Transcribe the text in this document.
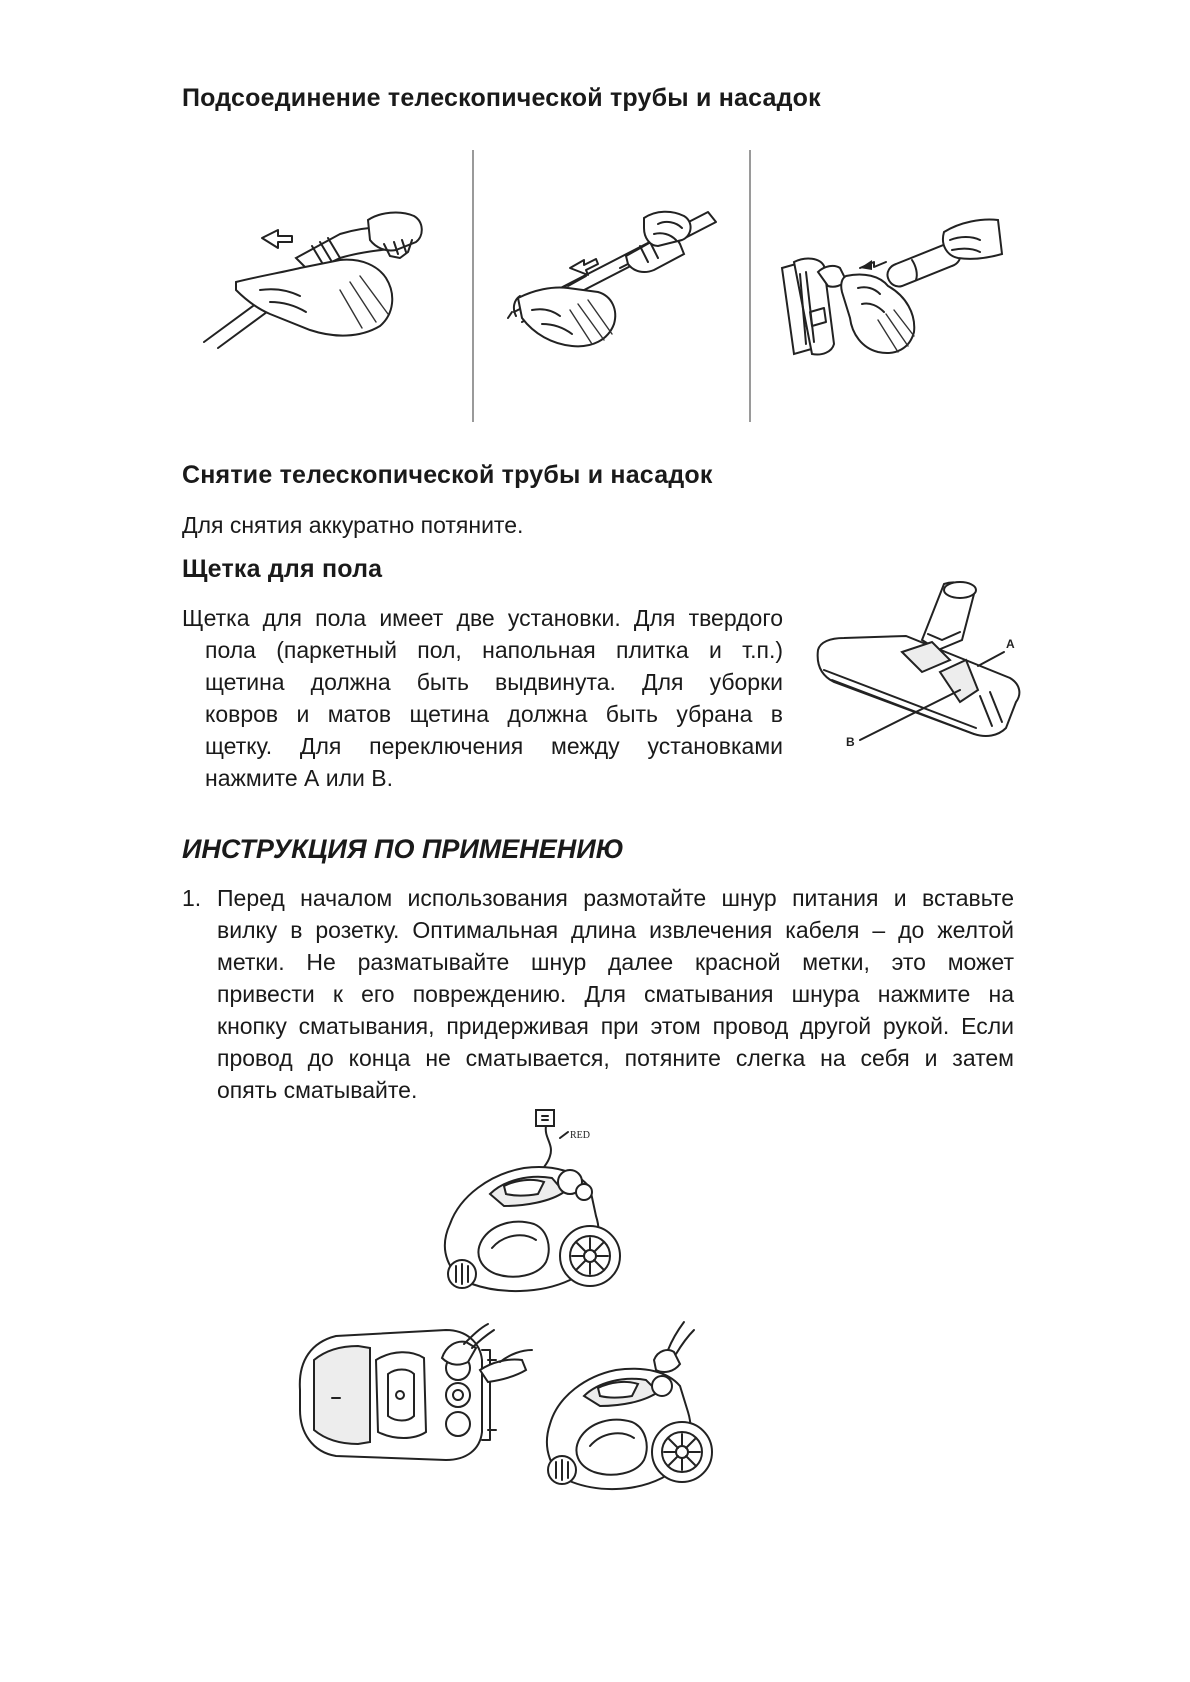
Подсоединение телескопической трубы и насадок
Снятие телескопической трубы и насадок
Для снятия аккуратно потяните.
Щетка для пола
Щетка для пола имеет две установки. Для твердого
пола (паркетный пол, напольная плитка и т.п.)
щетина должна быть выдвинута. Для уборки
ковров и матов щетина должна быть убрана в
щетку. Для переключения между установками
нажмите А или В.
A
B
ИНСТРУКЦИЯ ПО ПРИМЕНЕНИЮ
1. Перед началом использования размотайте шнур питания и вставьте
вилку в розетку. Оптимальная длина извлечения кабеля – до желтой
метки. Не разматывайте шнур далее красной метки, это может
привести к его повреждению. Для сматывания шнура нажмите на
кнопку сматывания, придерживая при этом провод другой рукой. Если
провод до конца не сматывается, потяните слегка на себя и затем
опять сматывайте.
RED
